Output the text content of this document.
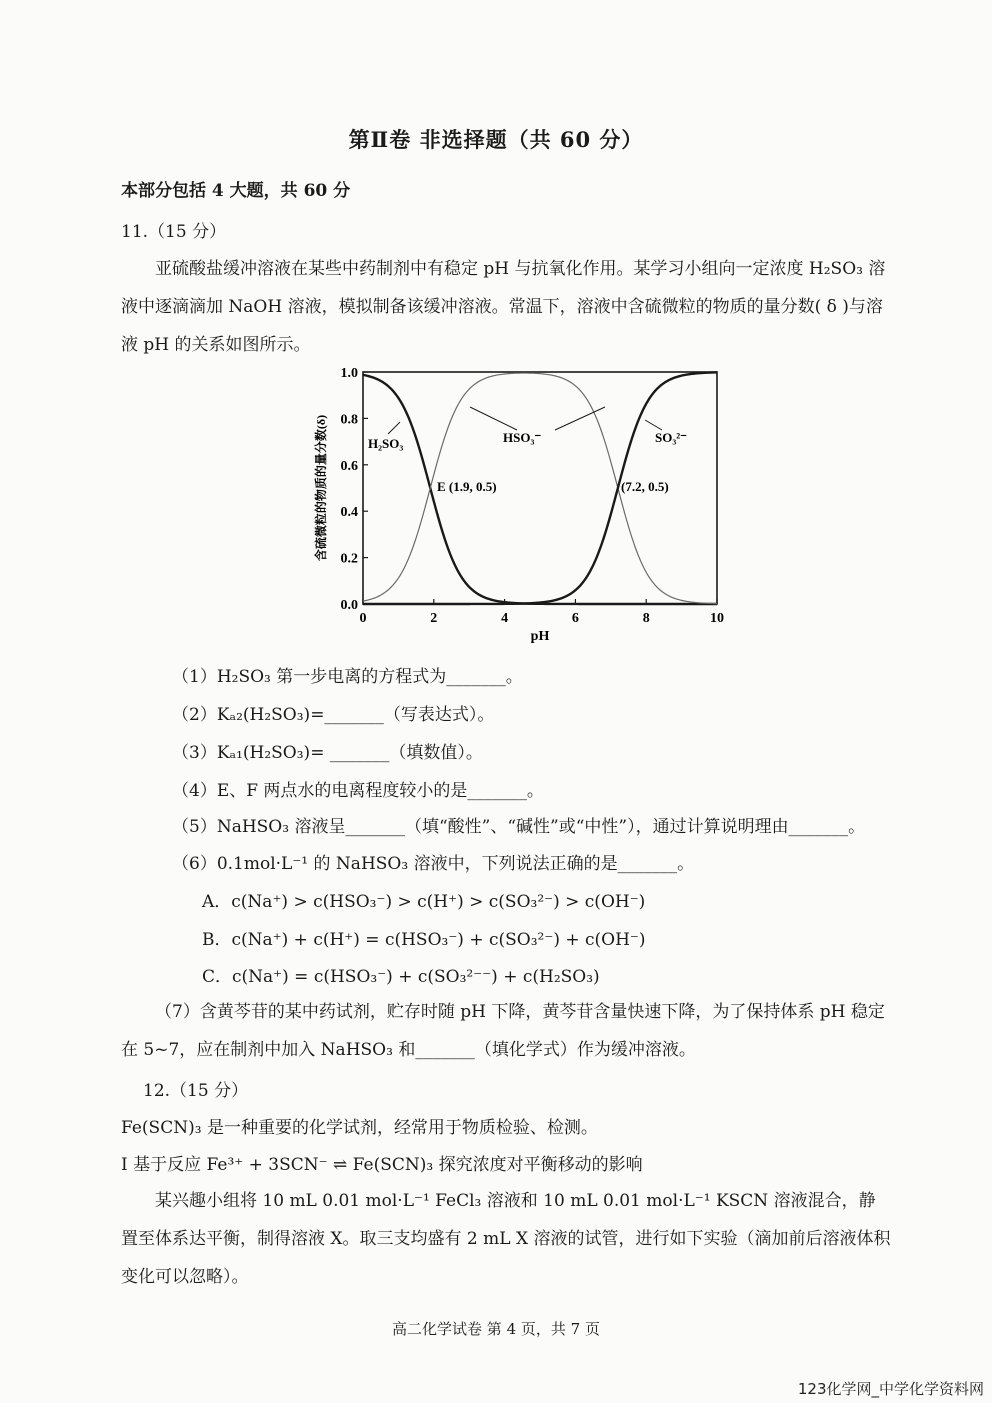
第Ⅱ卷 非选择题（共 60 分）
本部分包括 4 大题，共 60 分
11.（15 分）
亚硫酸盐缓冲溶液在某些中药制剂中有稳定 pH 与抗氧化作用。某学习小组向一定浓度 H₂SO₃ 溶液中逐滴滴加 NaOH 溶液，模拟制备该缓冲溶液。常温下，溶液中含硫微粒的物质的量分数( δ )与溶液 pH 的关系如图所示。
0	2	4	6	8	10
0.0
0.2
0.4
0.6
0.8
1.0
含硫微粒的物质的量分数(δ)
pH
H₂SO₃	HSO₃⁻	SO₃²⁻
E (1.9, 0.5)	(7.2, 0.5)
（1）H₂SO₃ 第一步电离的方程式为_______。
（2）Kₐ₂(H₂SO₃)=_______（写表达式）。
（3）Kₐ₁(H₂SO₃)= _______（填数值）。
（4）E、F 两点水的电离程度较小的是_______。
（5）NaHSO₃ 溶液呈_______（填“酸性”、“碱性”或“中性”），通过计算说明理由_______。
（6）0.1mol·L⁻¹ 的 NaHSO₃ 溶液中，下列说法正确的是_______。
A．c(Na⁺) > c(HSO₃⁻) > c(H⁺) > c(SO₃²⁻) > c(OH⁻)
B．c(Na⁺) + c(H⁺) = c(HSO₃⁻) + c(SO₃²⁻) + c(OH⁻)
C．c(Na⁺) = c(HSO₃⁻) + c(SO₃²⁻⁻) + c(H₂SO₃)
（7）含黄芩苷的某中药试剂，贮存时随 pH 下降，黄芩苷含量快速下降，为了保持体系 pH 稳定在 5~7，应在制剂中加入 NaHSO₃ 和_______（填化学式）作为缓冲溶液。
12.（15 分）
Fe(SCN)₃ 是一种重要的化学试剂，经常用于物质检验、检测。
I 基于反应 Fe³⁺ + 3SCN⁻ ⇌ Fe(SCN)₃ 探究浓度对平衡移动的影响
某兴趣小组将 10 mL 0.01 mol·L⁻¹ FeCl₃ 溶液和 10 mL 0.01 mol·L⁻¹ KSCN 溶液混合，静置至体系达平衡，制得溶液 X。取三支均盛有 2 mL X 溶液的试管，进行如下实验（滴加前后溶液体积变化可以忽略）。
高二化学试卷 第 4 页，共 7 页
123化学网_中学化学资料网
